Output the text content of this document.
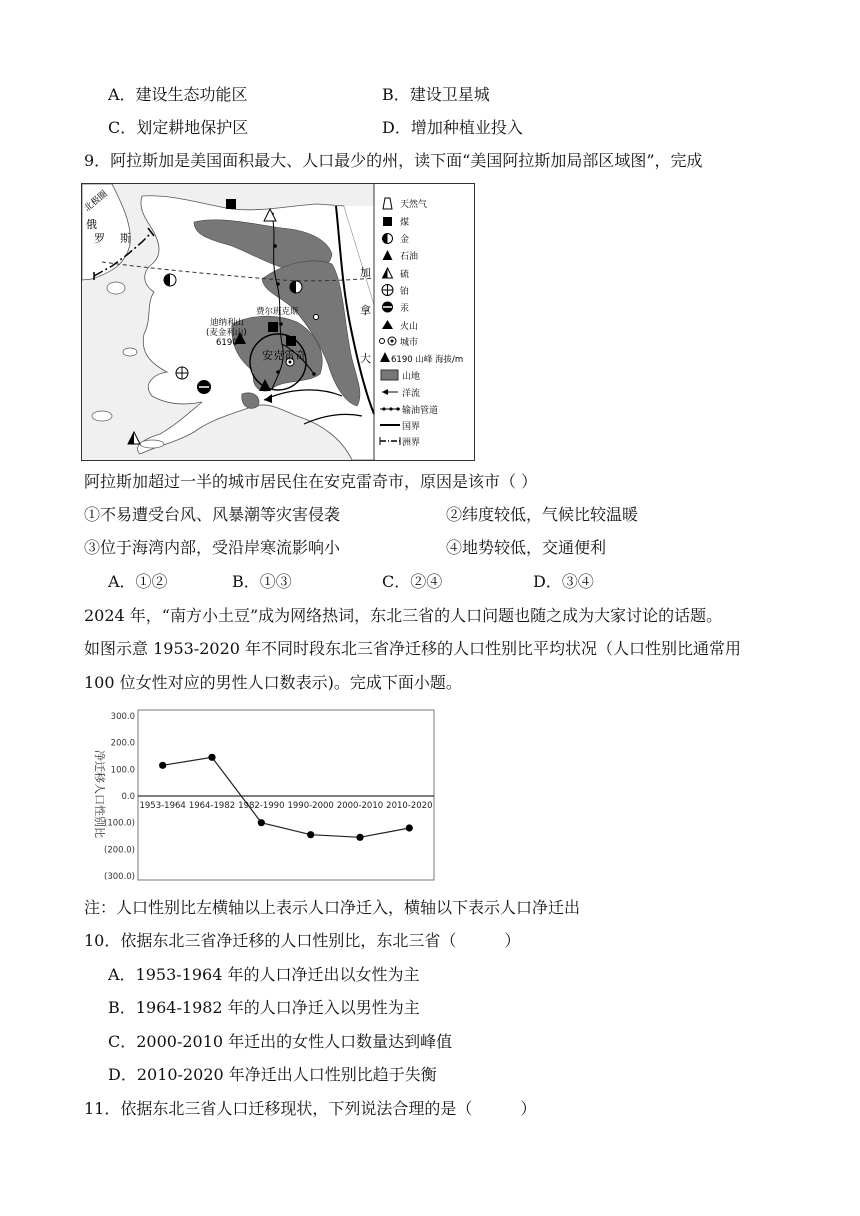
A．建设生态功能区	B．建设卫星城
C．划定耕地保护区	D．增加种植业投入
9．阿拉斯加是美国面积最大、人口最少的州，读下面“美国阿拉斯加局部区域图”，完成
北极圈
俄
罗 斯
加
拿
大
费尔班克斯
迪纳利山
(麦金利山)
6190
安克雷奇
天然气
煤
金
石油
硫
铂
汞
火山
城市
6190 山峰 海拔/m
山地
洋流
输油管道
国界
洲界
阿拉斯加超过一半的城市居民住在安克雷奇市，原因是该市（ ）
①不易遭受台风、风暴潮等灾害侵袭	②纬度较低，气候比较温暖
③位于海湾内部，受沿岸寒流影响小	④地势较低，交通便利
A．①②	B．①③	C．②④	D．③④
2024 年，“南方小土豆”成为网络热词，东北三省的人口问题也随之成为大家讨论的话题。
如图示意 1953-2020 年不同时段东北三省净迁移的人口性别比平均状况（人口性别比通常用
100 位女性对应的男性人口数表示)。完成下面小题。
净迁移人口性别比
300.0
200.0
100.0
0.0
(100.0)
(200.0)
(300.0)
1953-1964 1964-1982 1982-1990 1990-2000 2000-2010 2010-2020
注：人口性别比左横轴以上表示人口净迁入，横轴以下表示人口净迁出
10．依据东北三省净迁移的人口性别比，东北三省（　　　）
A．1953-1964 年的人口净迁出以女性为主
B．1964-1982 年的人口净迁入以男性为主
C．2000-2010 年迁出的女性人口数量达到峰值
D．2010-2020 年净迁出人口性别比趋于失衡
11．依据东北三省人口迁移现状，下列说法合理的是（　　　）
